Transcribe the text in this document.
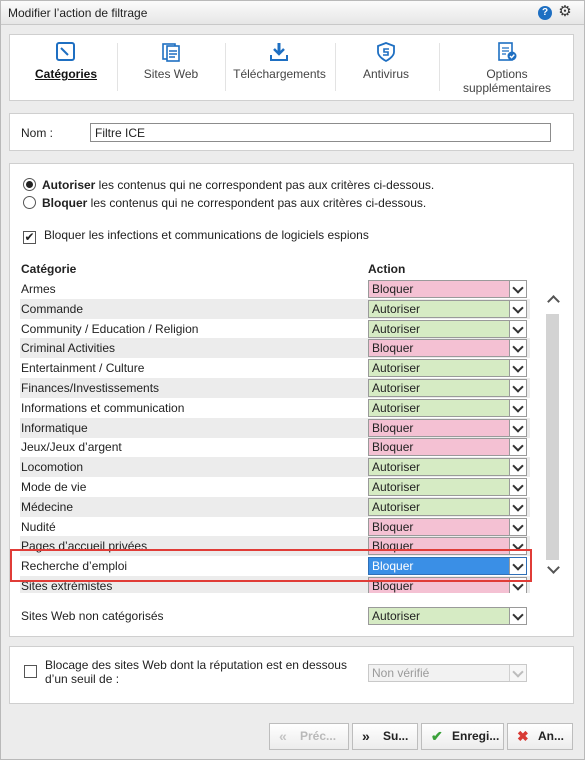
Modifier l’action de filtrage	? ⚙
Catégories	Sites Web	Téléchargements	Antivirus	Options supplémentaires
Nom :
Filtre ICE
Autoriser les contenus qui ne correspondent pas aux critères ci-dessous.
Bloquer les contenus qui ne correspondent pas aux critères ci-dessous.
✔ Bloquer les infections et communications de logiciels espions
Catégorie	Action
Armes	Bloquer
Commande	Autoriser
Community / Education / Religion	Autoriser
Criminal Activities	Bloquer
Entertainment / Culture	Autoriser
Finances/Investissements	Autoriser
Informations et communication	Autoriser
Informatique	Bloquer
Jeux/Jeux d’argent	Bloquer
Locomotion	Autoriser
Mode de vie	Autoriser
Médecine	Autoriser
Nudité	Bloquer
Pages d’accueil privées	Bloquer
Recherche d’emploi	Bloquer
Sites extrémistes	Bloquer
Sites Web non catégorisés	Autoriser
Blocage des sites Web dont la réputation est en dessous d’un seuil de :	Non vérifié
« Préc...	» Su...	✔ Enregi...	✖ An...
